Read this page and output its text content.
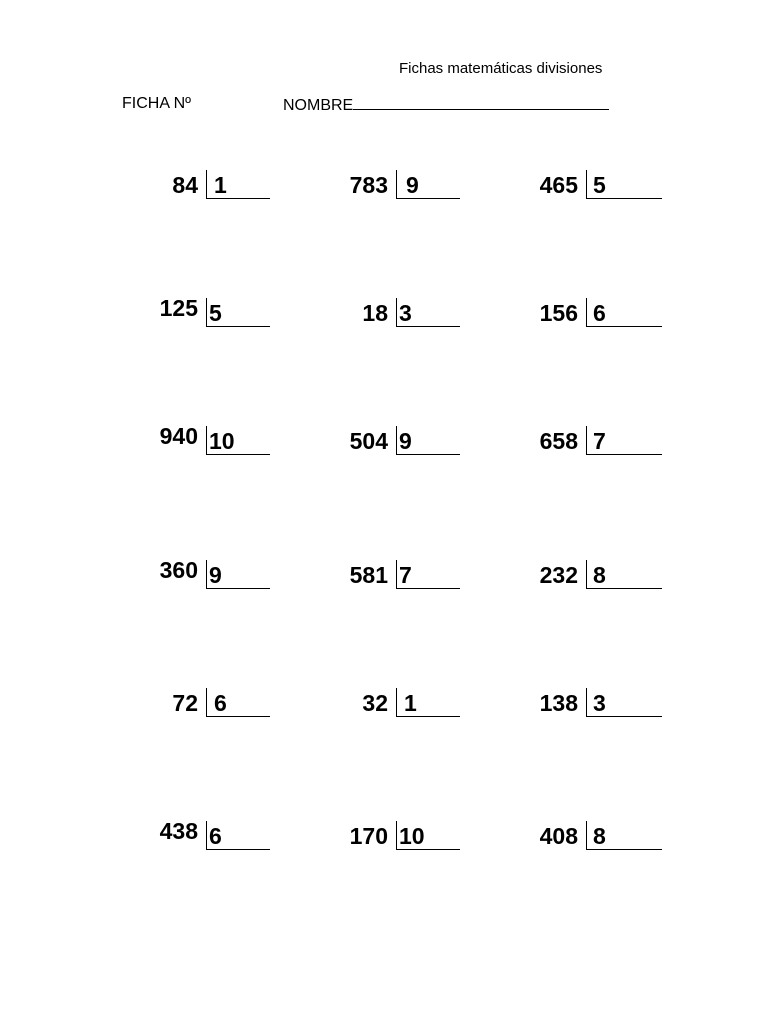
Fichas matemáticas divisiones
FICHA Nº	NOMBRE
84 1	783 9	465 5
125 5	18 3	156 6
940 10	504 9	658 7
360 9	581 7	232 8
72 6	32 1	138 3
438 6	170 10	408 8
